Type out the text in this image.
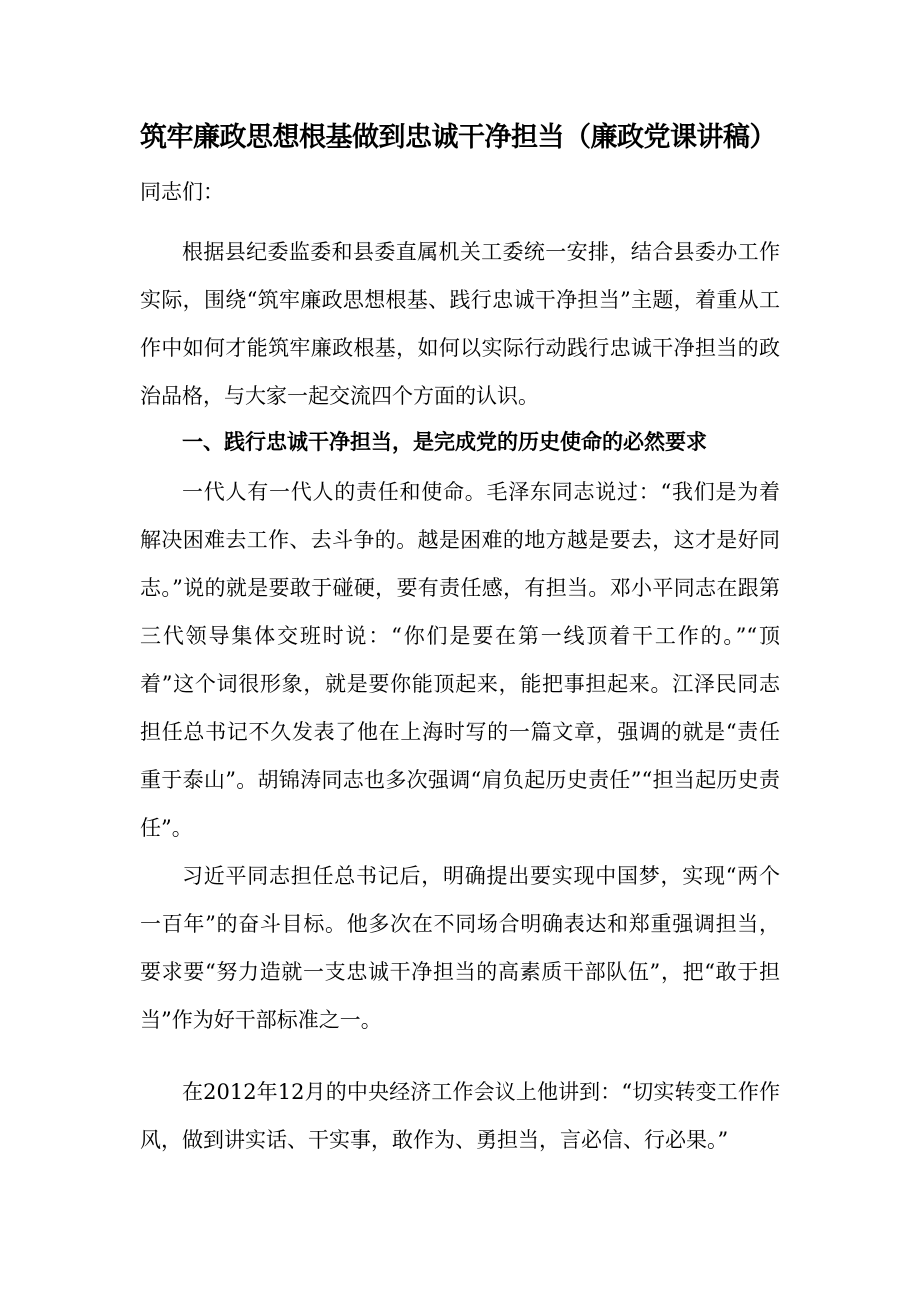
筑牢廉政思想根基做到忠诚干净担当（廉政党课讲稿）

同志们：

根据县纪委监委和县委直属机关工委统一安排，结合县委办工作实际，围绕“筑牢廉政思想根基、践行忠诚干净担当”主题，着重从工作中如何才能筑牢廉政根基，如何以实际行动践行忠诚干净担当的政治品格，与大家一起交流四个方面的认识。

一、践行忠诚干净担当，是完成党的历史使命的必然要求

一代人有一代人的责任和使命。毛泽东同志说过：“我们是为着解决困难去工作、去斗争的。越是困难的地方越是要去，这才是好同志。”说的就是要敢于碰硬，要有责任感，有担当。邓小平同志在跟第三代领导集体交班时说：“你们是要在第一线顶着干工作的。”“顶着”这个词很形象，就是要你能顶起来，能把事担起来。江泽民同志担任总书记不久发表了他在上海时写的一篇文章，强调的就是“责任重于泰山”。胡锦涛同志也多次强调“肩负起历史责任”“担当起历史责任”。

习近平同志担任总书记后，明确提出要实现中国梦，实现“两个一百年”的奋斗目标。他多次在不同场合明确表达和郑重强调担当，要求要“努力造就一支忠诚干净担当的高素质干部队伍”，把“敢于担当”作为好干部标准之一。

在2012年12月的中央经济工作会议上他讲到：“切实转变工作作风，做到讲实话、干实事，敢作为、勇担当，言必信、行必果。”
